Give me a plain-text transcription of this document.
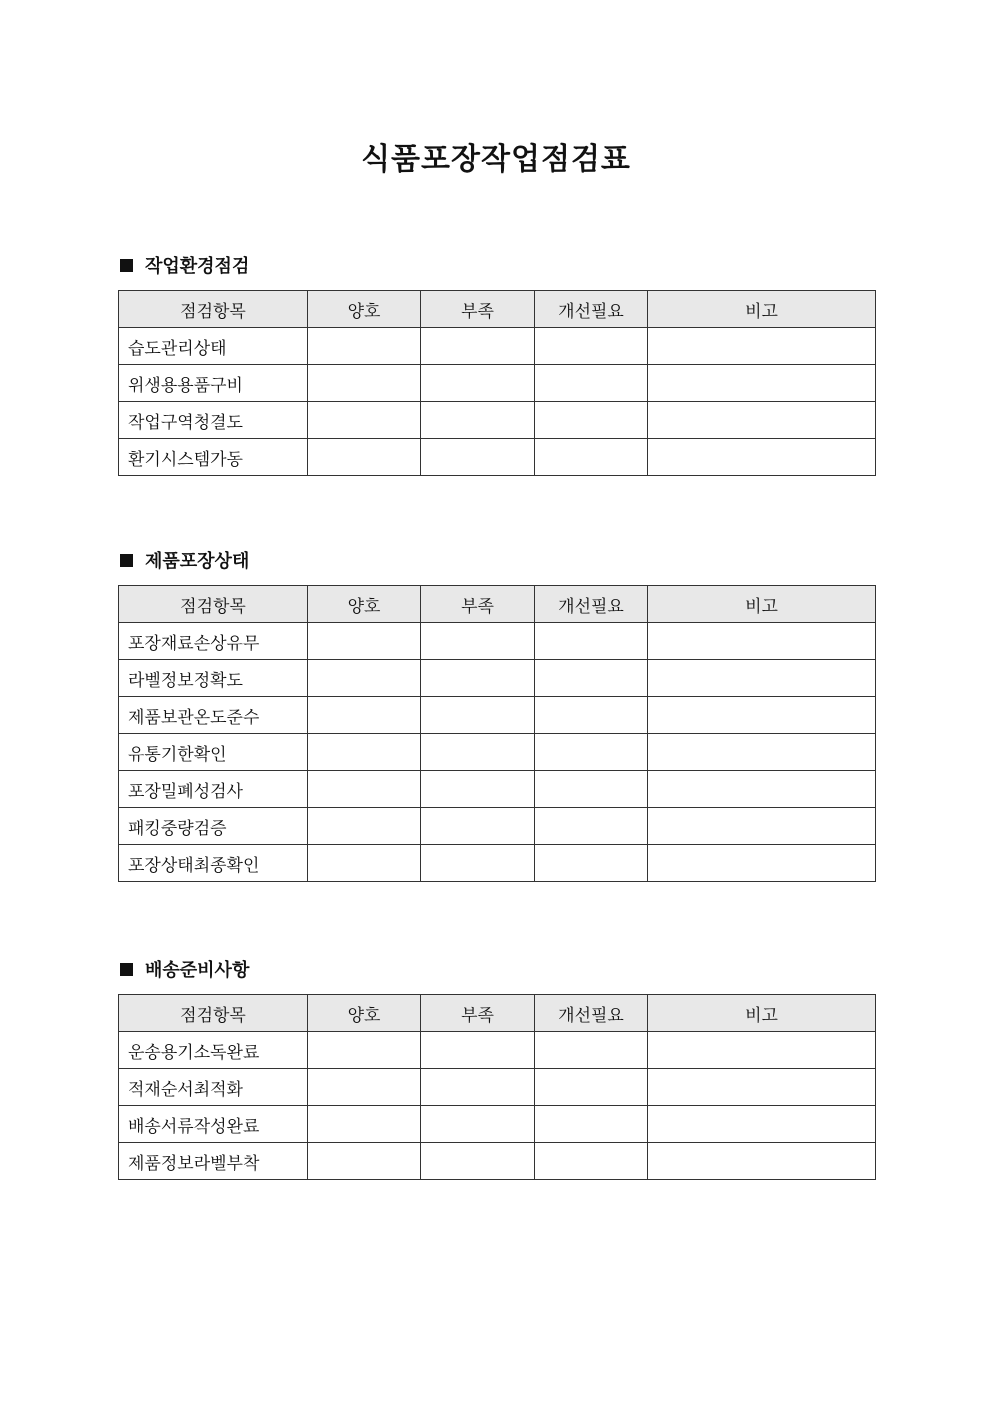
식품포장작업점검표
작업환경점검
점검항목	양호	부족	개선필요	비고
습도관리상태				
위생용용품구비				
작업구역청결도				
환기시스템가동				
제품포장상태
점검항목	양호	부족	개선필요	비고
포장재료손상유무				
라벨정보정확도				
제품보관온도준수				
유통기한확인				
포장밀폐성검사				
패킹중량검증				
포장상태최종확인				
배송준비사항
점검항목	양호	부족	개선필요	비고
운송용기소독완료				
적재순서최적화				
배송서류작성완료				
제품정보라벨부착				
